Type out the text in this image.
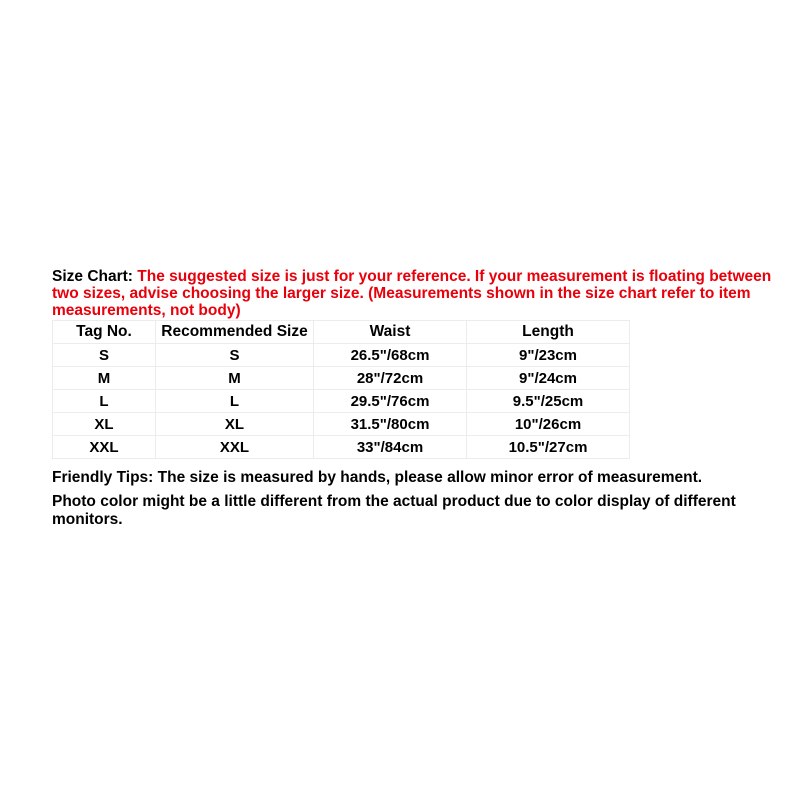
Size Chart: The suggested size is just for your reference. If your measurement is floating between two sizes, advise choosing the larger size. (Measurements shown in the size chart refer to item measurements, not body)

Tag No.	Recommended Size	Waist	Length
S	S	26.5"/68cm	9"/23cm
M	M	28"/72cm	9"/24cm
L	L	29.5"/76cm	9.5"/25cm
XL	XL	31.5"/80cm	10"/26cm
XXL	XXL	33"/84cm	10.5"/27cm

Friendly Tips: The size is measured by hands, please allow minor error of measurement.

Photo color might be a little different from the actual product due to color display of different monitors.
